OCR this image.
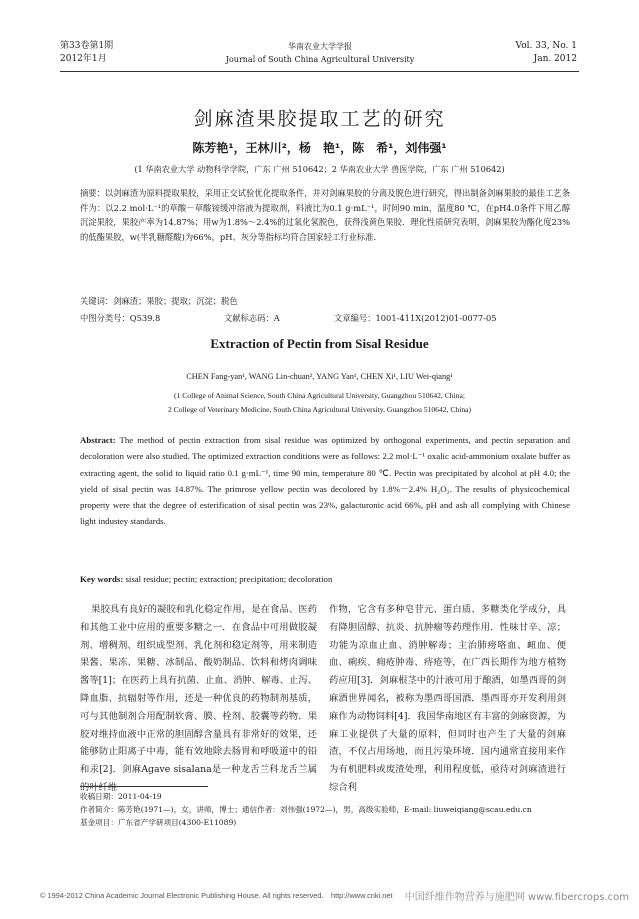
第33卷第1期
2012年1月
华南农业大学学报
Journal of South China Agricultural University
Vol. 33, No. 1
Jan. 2012
剑麻渣果胶提取工艺的研究
陈芳艳¹，王林川²，杨　艳¹，陈　希¹，刘伟强¹
(1 华南农业大学 动物科学学院，广东 广州 510642；2 华南农业大学 兽医学院，广东 广州 510642)
摘要：以剑麻渣为原料提取果胶，采用正交试验优化提取条件，并对剑麻果胶的分离及脱色进行研究，得出制备剑麻果胶的最佳工艺条件为：以2.2 mol·L⁻¹的草酸－草酸铵缓冲溶液为提取剂，料液比为0.1 g·mL⁻¹，时间90 min，温度80 ℃，在pH4.0条件下用乙醇沉淀果胶，果胶产率为14.87%；用w为1.8%～2.4%的过氧化氢脱色，获得浅黄色果胶．理化性质研究表明，剑麻果胶为酯化度23%的低酯果胶，w(半乳糖醛酸)为66%，pH、灰分等指标均符合国家轻工行业标准．
关键词：剑麻渣；果胶；提取；沉淀；脱色
中图分类号：Q539.8	文献标志码：A	文章编号：1001-411X(2012)01-0077-05
Extraction of Pectin from Sisal Residue
CHEN Fang-yan¹, WANG Lin-chuan², YANG Yan¹, CHEN Xi¹, LIU Wei-qiang¹
(1 College of Animal Science, South China Agricultural University, Guangzhou 510642, China;
2 College of Veterinary Medicine, South China Agricultural University, Guangzhou 510642, China)
Abstract: The method of pectin extraction from sisal residue was optimized by orthogonal experiments, and pectin separation and decoloration were also studied. The optimized extraction conditions were as follows: 2.2 mol·L⁻¹ oxalic acid-ammonium oxalate buffer as extracting agent, the solid to liquid ratio 0.1 g·mL⁻¹, time 90 min, temperature 80 ℃. Pectin was precipitated by alcohol at pH 4.0; the yield of sisal pectin was 14.87%. The primrose yellow pectin was decolored by 1.8%－2.4% H₂O₂. The results of physicochemical property were that the degree of esterification of sisal pectin was 23%, galacturonic acid 66%, pH and ash all complying with Chinese light industey standards.
Key words: sisal residue; pectin; extraction; precipitation; decoloration
果胶具有良好的凝胶和乳化稳定作用，是在食品、医药和其他工业中应用的重要多糖之一．在食品中可用做胶凝剂、增稠剂、组织成型剂、乳化剂和稳定剂等，用来制造果酱、果冻、果糖、冰制品、酸奶制品、饮料和烤肉调味酱等[1]；在医药上具有抗菌、止血、消肿、解毒、止泻、降血脂、抗辐射等作用，还是一种优良的药物制剂基质，可与其他制剂合用配制软膏、膜、栓剂、胶囊等药物．果胶对维持血液中正常的胆固醇含量具有非常好的效果，还能够防止阳离子中毒，能有效地除去肠胃和呼吸道中的铅和汞[2]．剑麻Agave sisalana是一种龙舌兰科龙舌兰属的叶纤维
作物，它含有多种皂苷元、蛋白质、多糖类化学成分，具有降胆固醇、抗炎、抗肿瘤等药理作用．性味甘辛、凉；功能为凉血止血、消肿解毒；主治肺痨咯血、衄血、便血、痢疾、痈疮肿毒、痔疮等，在广西长期作为地方植物药应用[3]．剑麻根茎中的汁液可用于酿酒，如墨西哥的剑麻酒世界闻名，被称为墨西哥国酒．墨西哥亦开发利用剑麻作为动物饲料[4]．我国华南地区有丰富的剑麻资源，为麻工业提供了大量的原料，但同时也产生了大量的剑麻渣，不仅占用场地，而且污染环境．国内通常直接用来作为有机肥料或废渣处理，利用程度低，亟待对剑麻渣进行综合利
收稿日期：2011-04-19
作者简介：陈芳艳(1971—)，女，讲师，博士；通信作者：刘伟强(1972—)，男，高级实验师，E-mail: liuweiqiang@scau.edu.cn
基金项目：广东省产学研项目(4300-E11089)
© 1994-2012 China Academic Journal Electronic Publishing House. All rights reserved.　http://www.cnki.net 中国纤维作物营养与施肥网 www.fibercrops.com
